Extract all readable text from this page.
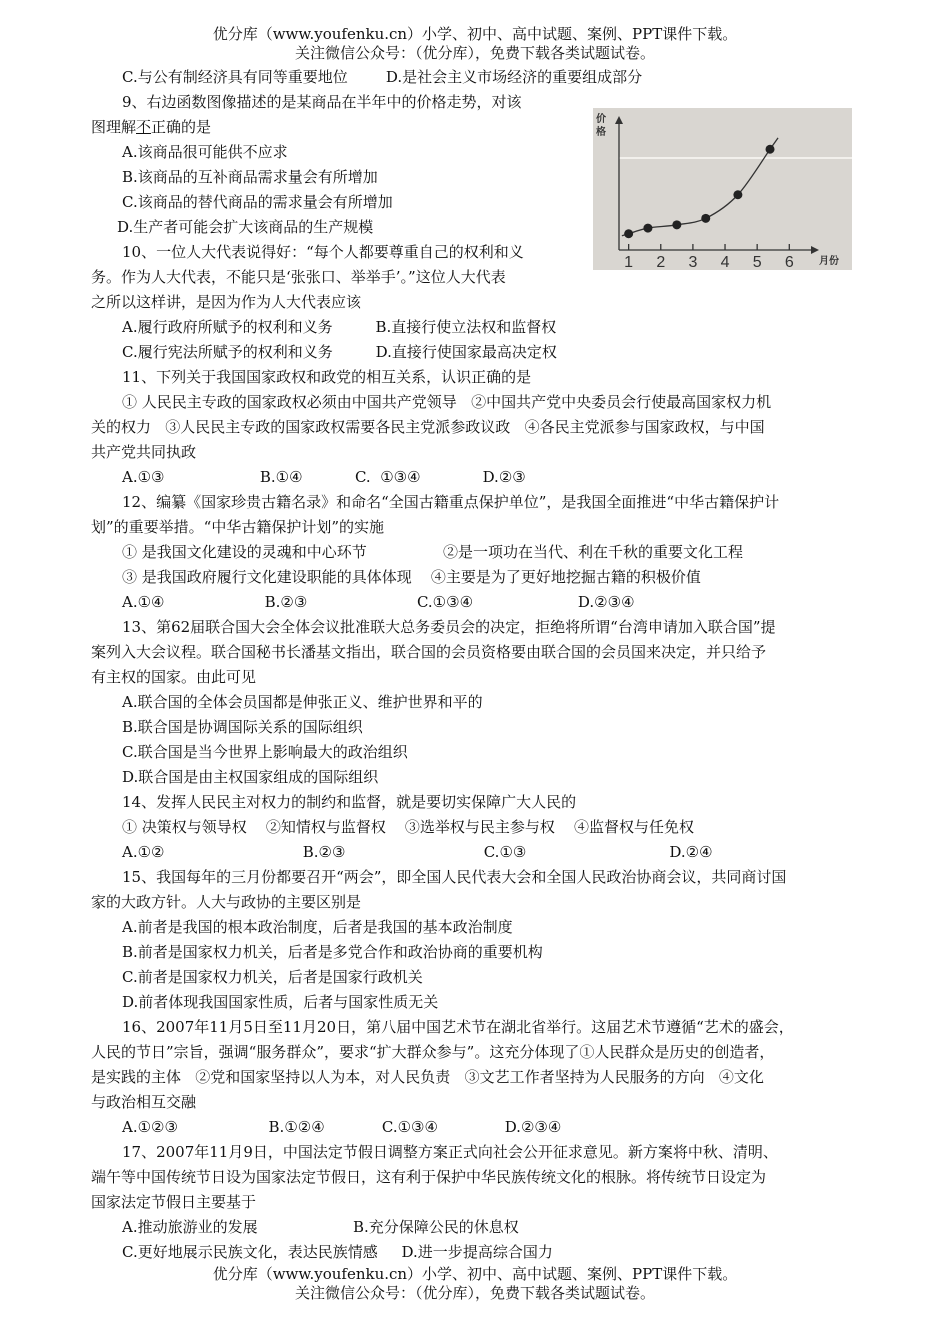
优分库（www.youfenku.cn）小学、初中、高中试题、案例、PPT课件下载。
关注微信公众号：（优分库），免费下载各类试题试卷。
C.与公有制经济具有同等重要地位        D.是社会主义市场经济的重要组成部分
9、右边函数图像描述的是某商品在半年中的价格走势，对该
图理解不正确的是
A.该商品很可能供不应求
B.该商品的互补商品需求量会有所增加
C.该商品的替代商品的需求量会有所增加
D.生产者可能会扩大该商品的生产规模
价
格
月份
1 2 3 4 5 6
10、一位人大代表说得好：“每个人都要尊重自己的权利和义
务。作为人大代表，不能只是‘张张口、举举手’。”这位人大代表
之所以这样讲，是因为作为人大代表应该
A.履行政府所赋予的权利和义务         B.直接行使立法权和监督权
C.履行宪法所赋予的权利和义务         D.直接行使国家最高决定权
11、下列关于我国国家政权和政党的相互关系，认识正确的是
① 人民民主专政的国家政权必须由中国共产党领导   ②中国共产党中央委员会行使最高国家权力机
关的权力   ③人民民主专政的国家政权需要各民主党派参政议政   ④各民主党派参与国家政权，与中国
共产党共同执政
A.①③                    B.①④           C.  ①③④             D.②③
12、编纂《国家珍贵古籍名录》和命名“全国古籍重点保护单位”，是我国全面推进“中华古籍保护计
划”的重要举措。“中华古籍保护计划”的实施
① 是我国文化建设的灵魂和中心环节                ②是一项功在当代、利在千秋的重要文化工程
③ 是我国政府履行文化建设职能的具体体现    ④主要是为了更好地挖掘古籍的积极价值
A.①④                     B.②③                       C.①③④                      D.②③④
13、第62届联合国大会全体会议批准联大总务委员会的决定，拒绝将所谓“台湾申请加入联合国”提
案列入大会议程。联合国秘书长潘基文指出，联合国的会员资格要由联合国的会员国来决定，并只给予
有主权的国家。由此可见
A.联合国的全体会员国都是伸张正义、维护世界和平的
B.联合国是协调国际关系的国际组织
C.联合国是当今世界上影响最大的政治组织
D.联合国是由主权国家组成的国际组织
14、发挥人民民主对权力的制约和监督，就是要切实保障广大人民的
① 决策权与领导权    ②知情权与监督权    ③选举权与民主参与权    ④监督权与任免权
A.①②                             B.②③                             C.①③                              D.②④
15、我国每年的三月份都要召开“两会”，即全国人民代表大会和全国人民政治协商会议，共同商讨国
家的大政方针。人大与政协的主要区别是
A.前者是我国的根本政治制度，后者是我国的基本政治制度
B.前者是国家权力机关，后者是多党合作和政治协商的重要机构
C.前者是国家权力机关，后者是国家行政机关
D.前者体现我国国家性质，后者与国家性质无关
16、2007年11月5日至11月20日，第八届中国艺术节在湖北省举行。这届艺术节遵循“艺术的盛会，
人民的节日”宗旨，强调“服务群众”，要求“扩大群众参与”。这充分体现了①人民群众是历史的创造者，
是实践的主体   ②党和国家坚持以人为本，对人民负责   ③文艺工作者坚持为人民服务的方向   ④文化
与政治相互交融
A.①②③                   B.①②④            C.①③④              D.②③④
17、2007年11月9日，中国法定节假日调整方案正式向社会公开征求意见。新方案将中秋、清明、
端午等中国传统节日设为国家法定节假日，这有利于保护中华民族传统文化的根脉。将传统节日设定为
国家法定节假日主要基于
A.推动旅游业的发展                    B.充分保障公民的休息权
C.更好地展示民族文化，表达民族情感     D.进一步提高综合国力
优分库（www.youfenku.cn）小学、初中、高中试题、案例、PPT课件下载。
关注微信公众号：（优分库），免费下载各类试题试卷。
